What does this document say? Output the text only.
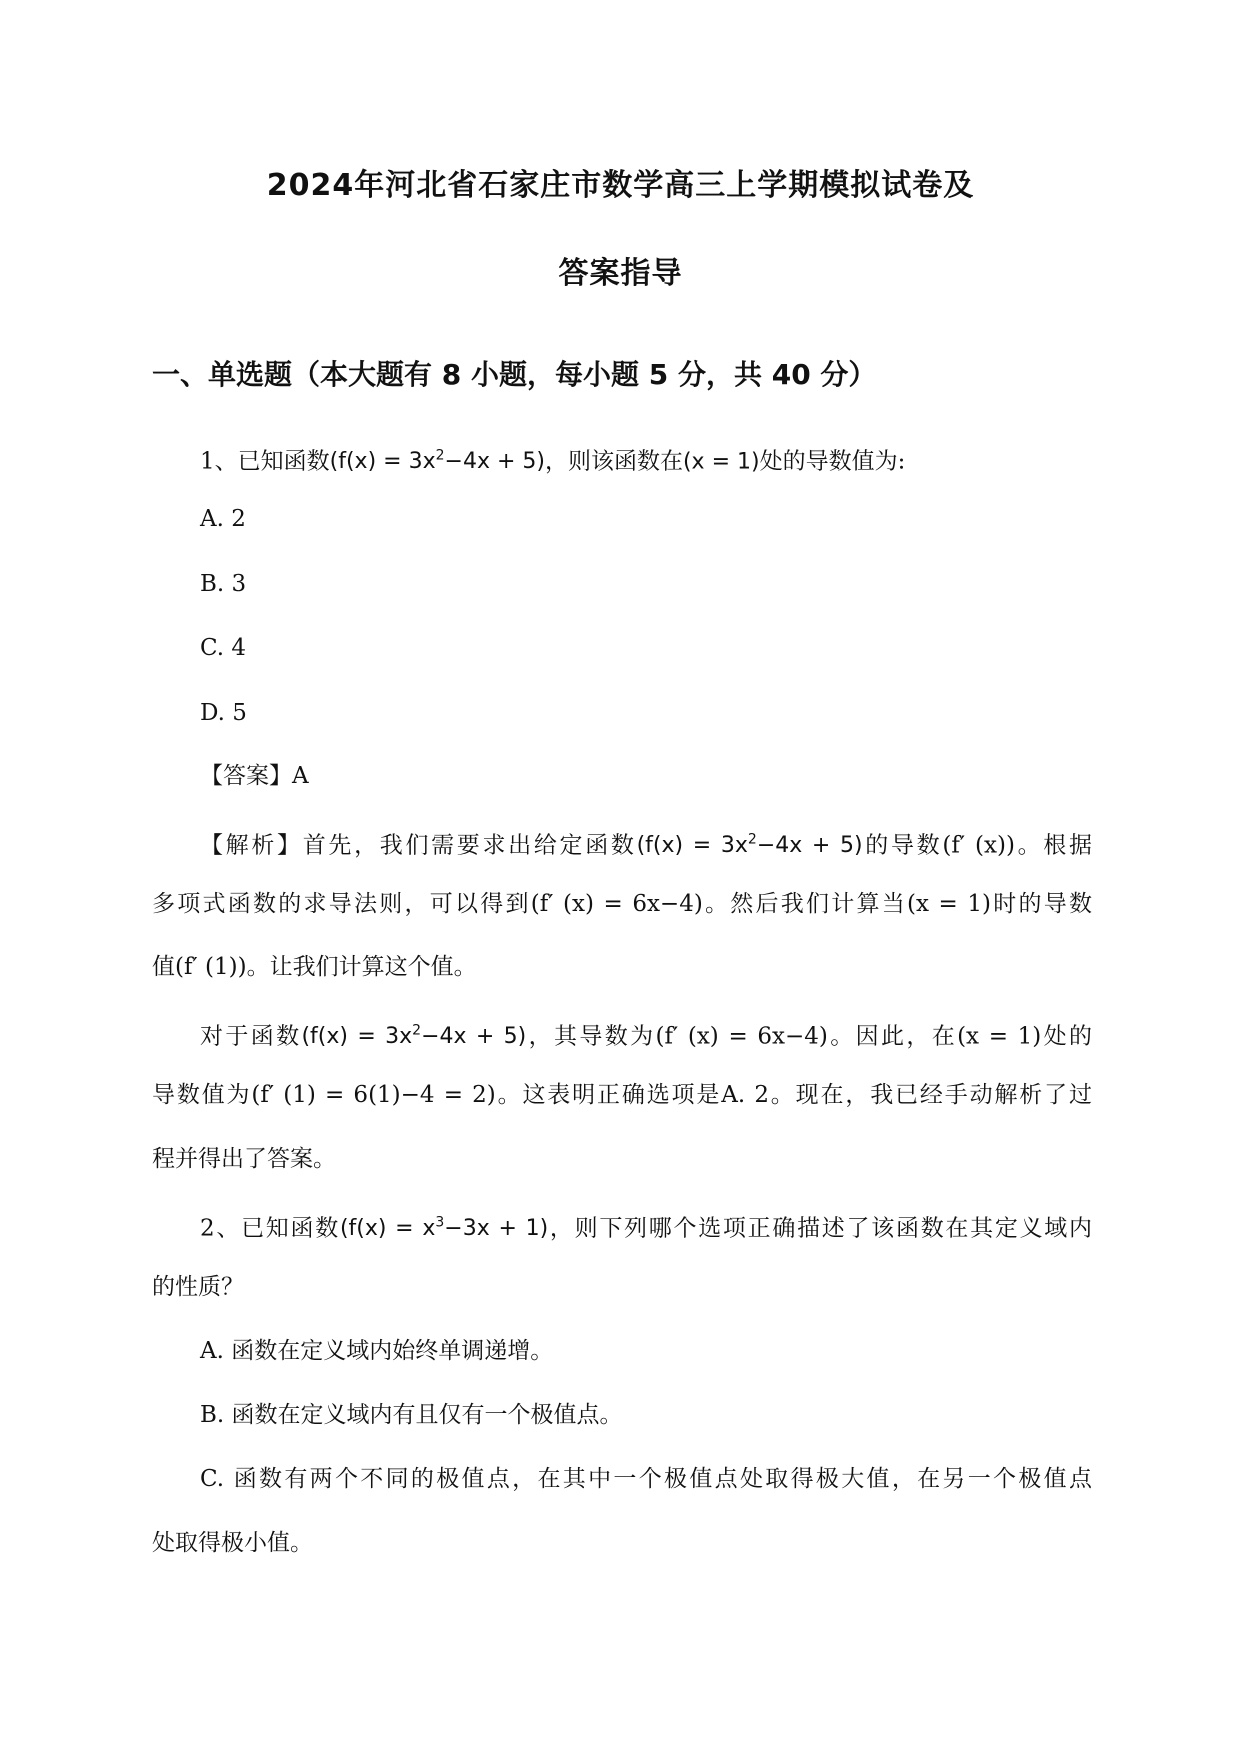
2024年河北省石家庄市数学高三上学期模拟试卷及
答案指导
一、单选题（本大题有 8 小题，每小题 5 分，共 40 分）
1、已知函数$(f(x) = 3x^2-4x + 5)$，则该函数在(x = 1)处的导数值为:
A. 2
B. 3
C. 4
D. 5
【答案】A
【解析】首先，我们需要求出给定函数$(f(x) = 3x^2-4x + 5)$的导数(f′ (x))。根据
多项式函数的求导法则，可以得到(f′ (x) = 6x−4)。然后我们计算当(x = 1)时的导数
值(f′ (1))。让我们计算这个值。
对于函数$(f(x) = 3x^2-4x + 5)$，其导数为(f′ (x) = 6x−4)。因此，在(x = 1)处的
导数值为(f′ (1) = 6(1)−4 = 2)。这表明正确选项是A. 2。现在，我已经手动解析了过
程并得出了答案。
2、已知函数$(f(x) = x^3-3x + 1)$，则下列哪个选项正确描述了该函数在其定义域内
的性质？
A. 函数在定义域内始终单调递增。
B. 函数在定义域内有且仅有一个极值点。
C. 函数有两个不同的极值点，在其中一个极值点处取得极大值，在另一个极值点
处取得极小值。
